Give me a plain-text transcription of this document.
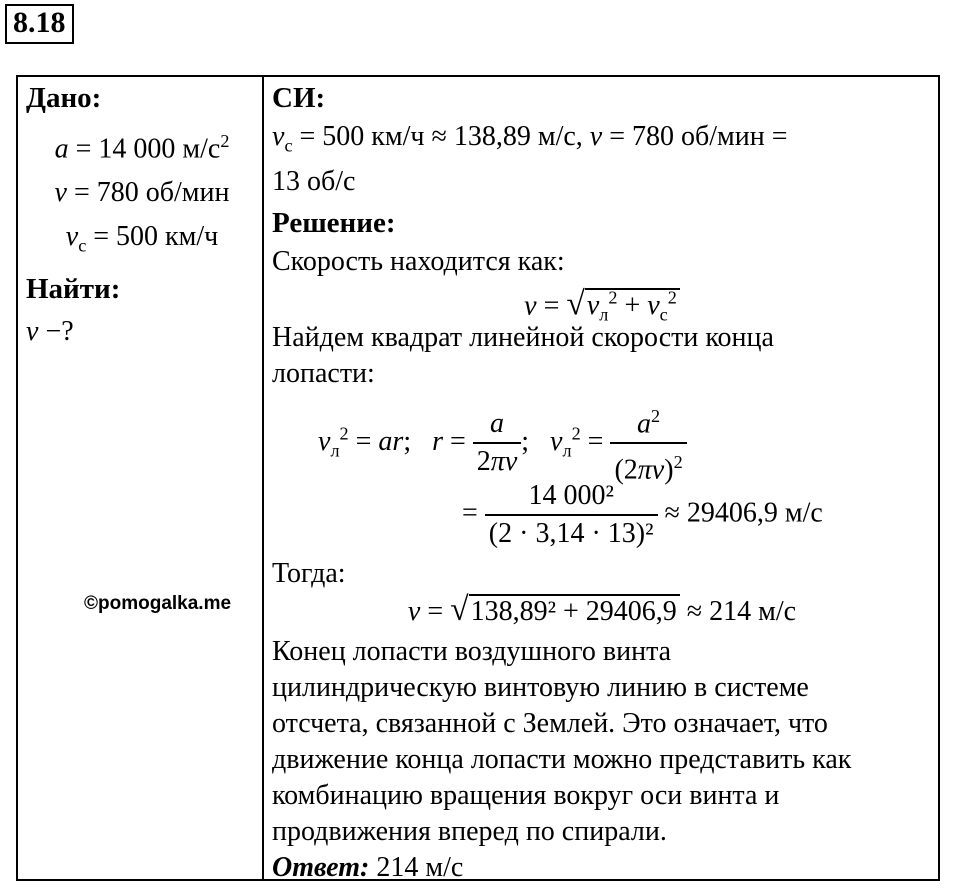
8.18
Дано:
a = 14 000 $м/с^2$
ν = 780 об/мин
$v_с = 500$ км/ч
Найти:
v −?
СИ:
$v_с = 500$ км/ч ≈ 138,89 м/с, ν = 780 об/мин =
13 об/с
Решение:
Скорость находится как:
$v = √v_л^2 + v_с^2$
Найдем квадрат линейной скорости конца
лопасти:
$v_л^2$ = ar;   $r = \frac{a}{2\pi\nu}$ ;   $v_л^2 = \frac{a^2}{(2\pi\nu)^2}$
= $\frac{\text{14 000²}}{\text{(2 · 3,14 · 13)²}} \approx 29406,9$ м/с
Тогда:
v = √138,89² + 29406,9 ≈ 214 м/с
Конец лопасти воздушного винта
цилиндрическую винтовую линию в системе
отсчета, связанной с Землей. Это означает, что
движение конца лопасти можно представить как
комбинацию вращения вокруг оси винта и
продвижения вперед по спирали.
Ответ: 214 м/с
©pomogalka.me
